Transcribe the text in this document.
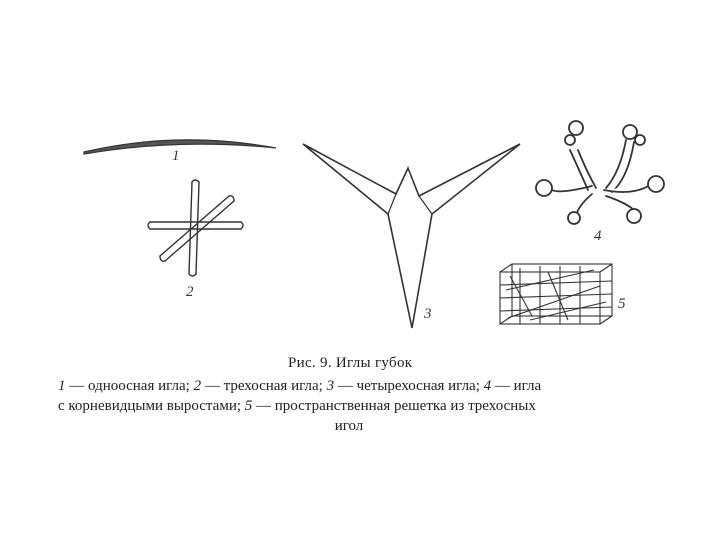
1
2
3
4
5
Рис. 9. Иглы губок
1 — одноосная игла; 2 — трехосная игла; 3 — четырехосная игла; 4 — игла
с корневидцыми выростами; 5 — пространственная решетка из трехосных
игол
